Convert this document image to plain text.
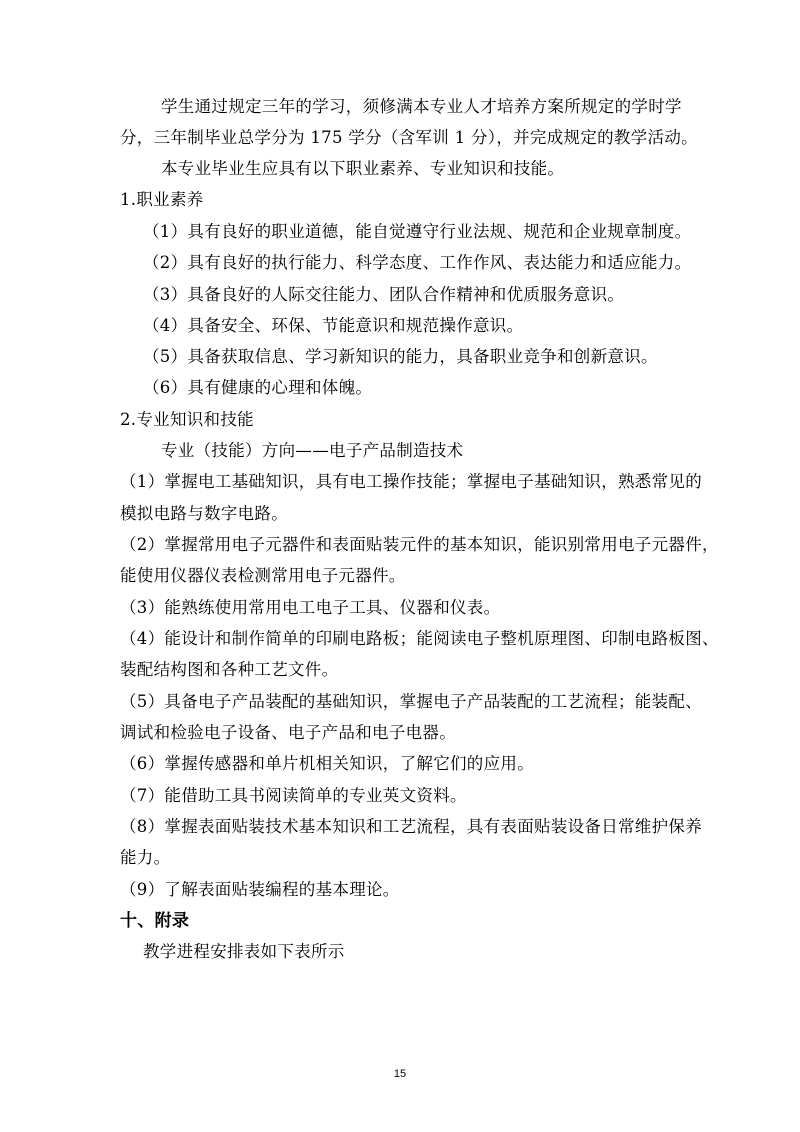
学生通过规定三年的学习，须修满本专业人才培养方案所规定的学时学
分，三年制毕业总学分为 175 学分（含军训 1 分），并完成规定的教学活动。
本专业毕业生应具有以下职业素养、专业知识和技能。
1.职业素养
（1）具有良好的职业道德，能自觉遵守行业法规、规范和企业规章制度。
（2）具有良好的执行能力、科学态度、工作作风、表达能力和适应能力。
（3）具备良好的人际交往能力、团队合作精神和优质服务意识。
（4）具备安全、环保、节能意识和规范操作意识。
（5）具备获取信息、学习新知识的能力，具备职业竞争和创新意识。
（6）具有健康的心理和体魄。
2.专业知识和技能
专业（技能）方向——电子产品制造技术
（1）掌握电工基础知识，具有电工操作技能；掌握电子基础知识，熟悉常见的
模拟电路与数字电路。
（2）掌握常用电子元器件和表面贴装元件的基本知识，能识别常用电子元器件，
能使用仪器仪表检测常用电子元器件。
（3）能熟练使用常用电工电子工具、仪器和仪表。
（4）能设计和制作简单的印刷电路板；能阅读电子整机原理图、印制电路板图、
装配结构图和各种工艺文件。
（5）具备电子产品装配的基础知识，掌握电子产品装配的工艺流程；能装配、
调试和检验电子设备、电子产品和电子电器。
（6）掌握传感器和单片机相关知识，了解它们的应用。
（7）能借助工具书阅读简单的专业英文资料。
（8）掌握表面贴装技术基本知识和工艺流程，具有表面贴装设备日常维护保养
能力。
（9）了解表面贴装编程的基本理论。
十、附录
教学进程安排表如下表所示
15
